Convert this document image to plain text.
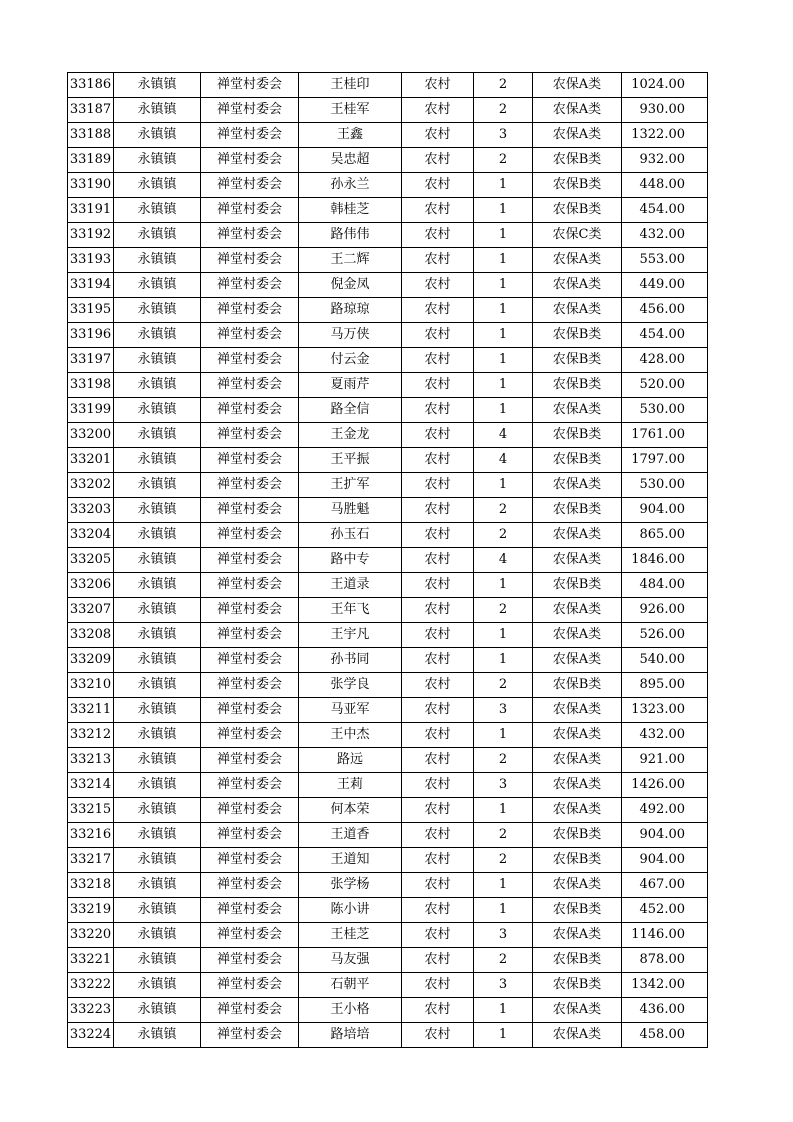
33186	永镇镇	禅堂村委会	王桂印	农村	2	农保A类	1024.00
33187	永镇镇	禅堂村委会	王桂军	农村	2	农保A类	930.00
33188	永镇镇	禅堂村委会	王鑫	农村	3	农保A类	1322.00
33189	永镇镇	禅堂村委会	吴忠超	农村	2	农保B类	932.00
33190	永镇镇	禅堂村委会	孙永兰	农村	1	农保B类	448.00
33191	永镇镇	禅堂村委会	韩桂芝	农村	1	农保B类	454.00
33192	永镇镇	禅堂村委会	路伟伟	农村	1	农保C类	432.00
33193	永镇镇	禅堂村委会	王二辉	农村	1	农保A类	553.00
33194	永镇镇	禅堂村委会	倪金凤	农村	1	农保A类	449.00
33195	永镇镇	禅堂村委会	路琼琼	农村	1	农保A类	456.00
33196	永镇镇	禅堂村委会	马万侠	农村	1	农保B类	454.00
33197	永镇镇	禅堂村委会	付云金	农村	1	农保B类	428.00
33198	永镇镇	禅堂村委会	夏雨芹	农村	1	农保B类	520.00
33199	永镇镇	禅堂村委会	路全信	农村	1	农保A类	530.00
33200	永镇镇	禅堂村委会	王金龙	农村	4	农保B类	1761.00
33201	永镇镇	禅堂村委会	王平振	农村	4	农保B类	1797.00
33202	永镇镇	禅堂村委会	王扩军	农村	1	农保A类	530.00
33203	永镇镇	禅堂村委会	马胜魁	农村	2	农保B类	904.00
33204	永镇镇	禅堂村委会	孙玉石	农村	2	农保A类	865.00
33205	永镇镇	禅堂村委会	路中专	农村	4	农保A类	1846.00
33206	永镇镇	禅堂村委会	王道录	农村	1	农保B类	484.00
33207	永镇镇	禅堂村委会	王年飞	农村	2	农保A类	926.00
33208	永镇镇	禅堂村委会	王宇凡	农村	1	农保A类	526.00
33209	永镇镇	禅堂村委会	孙书同	农村	1	农保A类	540.00
33210	永镇镇	禅堂村委会	张学良	农村	2	农保B类	895.00
33211	永镇镇	禅堂村委会	马亚军	农村	3	农保A类	1323.00
33212	永镇镇	禅堂村委会	王中杰	农村	1	农保A类	432.00
33213	永镇镇	禅堂村委会	路远	农村	2	农保A类	921.00
33214	永镇镇	禅堂村委会	王莉	农村	3	农保A类	1426.00
33215	永镇镇	禅堂村委会	何本荣	农村	1	农保A类	492.00
33216	永镇镇	禅堂村委会	王道香	农村	2	农保B类	904.00
33217	永镇镇	禅堂村委会	王道知	农村	2	农保B类	904.00
33218	永镇镇	禅堂村委会	张学杨	农村	1	农保A类	467.00
33219	永镇镇	禅堂村委会	陈小讲	农村	1	农保B类	452.00
33220	永镇镇	禅堂村委会	王桂芝	农村	3	农保A类	1146.00
33221	永镇镇	禅堂村委会	马友强	农村	2	农保B类	878.00
33222	永镇镇	禅堂村委会	石朝平	农村	3	农保B类	1342.00
33223	永镇镇	禅堂村委会	王小格	农村	1	农保A类	436.00
33224	永镇镇	禅堂村委会	路培培	农村	1	农保A类	458.00
